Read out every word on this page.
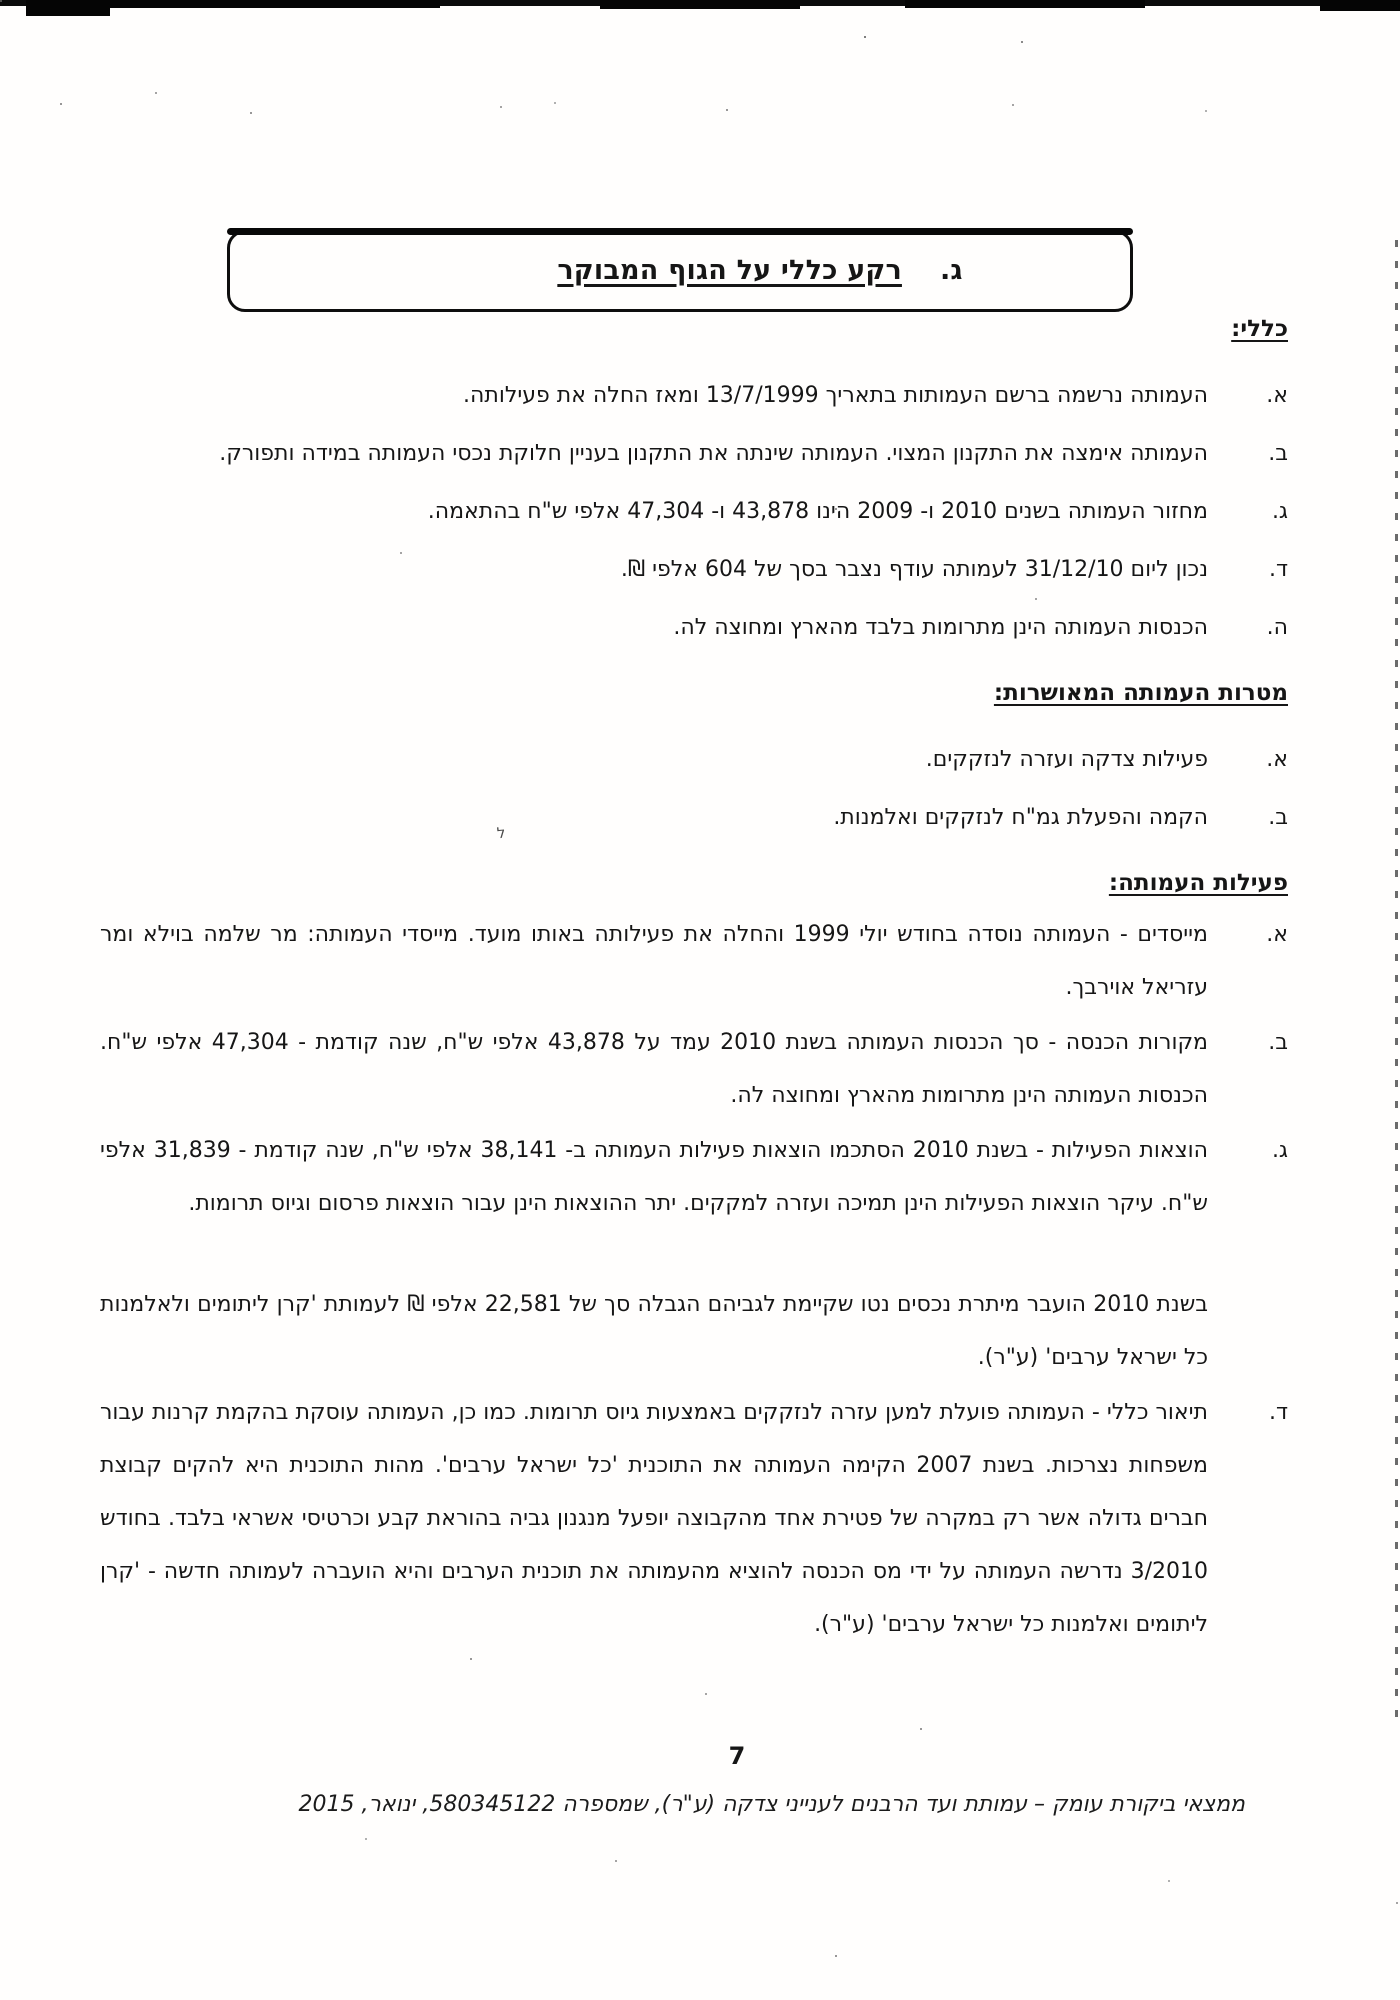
ל
ג.רקע כללי על הגוף המבוקר
כללי:
א.
העמותה נרשמה ברשם העמותות בתאריך 13/7/1999 ומאז החלה את פעילותה.
ב.
העמותה אימצה את התקנון המצוי. העמותה שינתה את התקנון בעניין חלוקת נכסי העמותה במידה ותפורק.
ג.
מחזור העמותה בשנים 2010 ו- 2009 הינו 43,878 ו- 47,304 אלפי ש"ח בהתאמה.
ד.
נכון ליום 31/12/10 לעמותה עודף נצבר בסך של 604 אלפי ₪.
ה.
הכנסות העמותה הינן מתרומות בלבד מהארץ ומחוצה לה.
מטרות העמותה המאושרות:
א.
פעילות צדקה ועזרה לנזקקים.
ב.
הקמה והפעלת גמ"ח לנזקקים ואלמנות.
פעילות העמותה:
א.
מייסדים - העמותה נוסדה בחודש יולי 1999 והחלה את פעילותה באותו מועד. מייסדי העמותה: מר שלמה בוילא ומר עזריאל אוירבך.
ב.
מקורות הכנסה - סך הכנסות העמותה בשנת 2010 עמד על 43,878 אלפי ש"ח, שנה קודמת - 47,304 אלפי ש"ח. הכנסות העמותה הינן מתרומות מהארץ ומחוצה לה.
ג.
הוצאות הפעילות - בשנת 2010 הסתכמו הוצאות פעילות העמותה ב- 38,141 אלפי ש"ח, שנה קודמת - 31,839 אלפי ש"ח. עיקר הוצאות הפעילות הינן תמיכה ועזרה למקקים. יתר ההוצאות הינן עבור הוצאות פרסום וגיוס תרומות.
בשנת 2010 הועבר מיתרת נכסים נטו שקיימת לגביהם הגבלה סך של 22,581 אלפי ₪ לעמותת 'קרן ליתומים ולאלמנות כל ישראל ערבים' (ע"ר).
ד.
תיאור כללי - העמותה פועלת למען עזרה לנזקקים באמצעות גיוס תרומות. כמו כן, העמותה עוסקת בהקמת קרנות עבור משפחות נצרכות. בשנת 2007 הקימה העמותה את התוכנית 'כל ישראל ערבים'. מהות התוכנית היא להקים קבוצת חברים גדולה אשר רק במקרה של פטירת אחד מהקבוצה יופעל מנגנון גביה בהוראת קבע וכרטיסי אשראי בלבד. בחודש 3/2010 נדרשה העמותה על ידי מס הכנסה להוציא מהעמותה את תוכנית הערבים והיא הועברה לעמותה חדשה - 'קרן ליתומים ואלמנות כל ישראל ערבים' (ע"ר).
7
ממצאי ביקורת עומק – עמותת ועד הרבנים לענייני צדקה (ע"ר), שמספרה 580345122, ינואר, 2015
